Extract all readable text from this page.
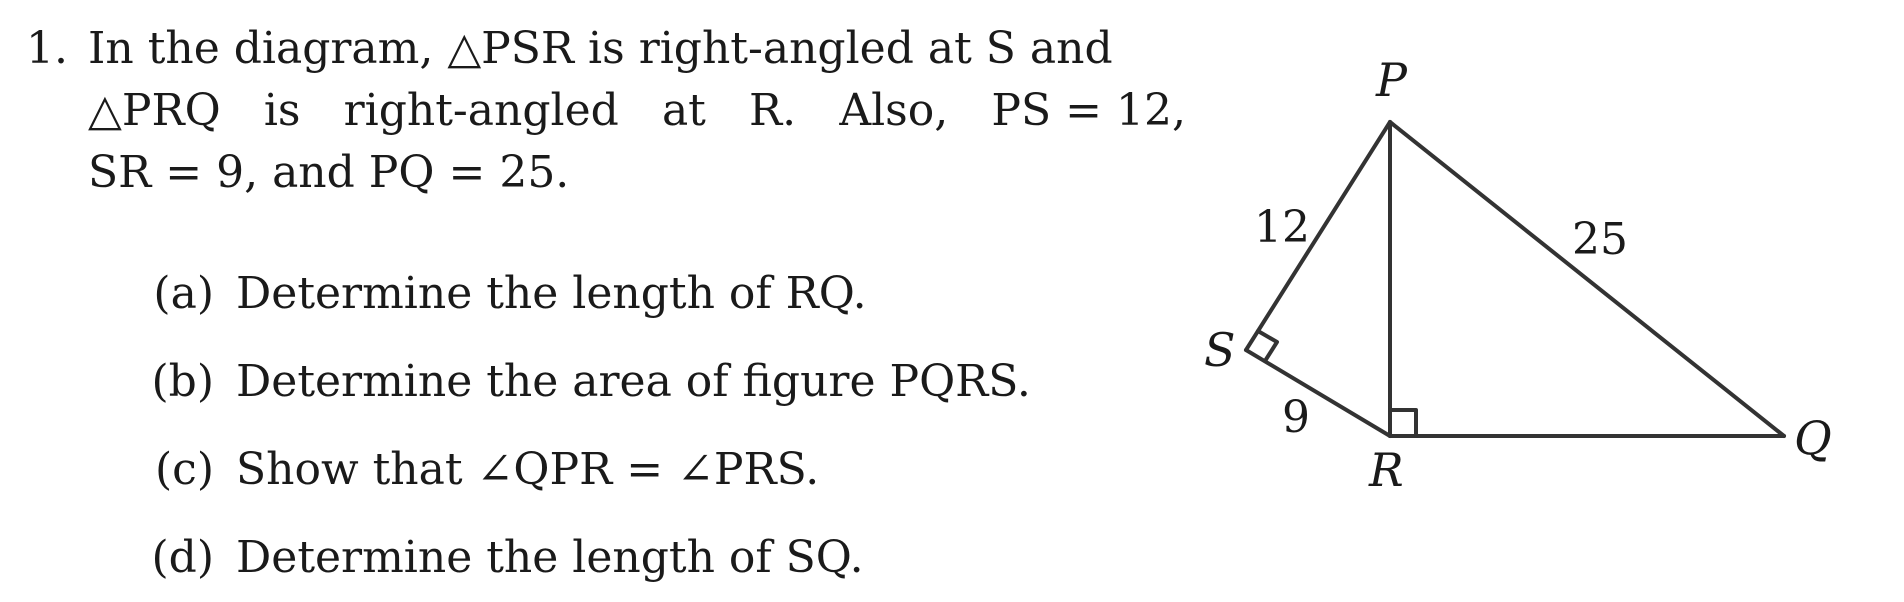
1. In the diagram, △PSR is right-angled at S and
△PRQ is right-angled at R. Also, PS = 12,
SR = 9, and PQ = 25.
(a) Determine the length of RQ.
(b) Determine the area of figure PQRS.
(c) Show that ∠QPR = ∠PRS.
(d) Determine the length of SQ.
P
S
R
Q
12
9
25
